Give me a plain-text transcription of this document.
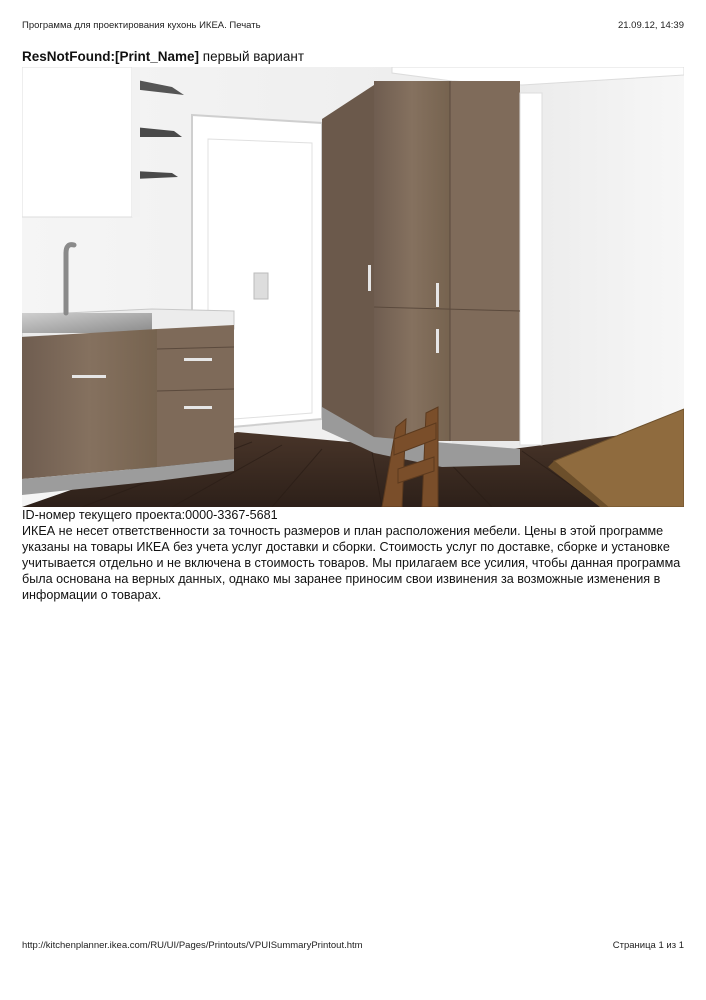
Программа для проектирования кухонь ИКЕА. Печать	21.09.12, 14:39
ResNotFound:[Print_Name] первый вариант
ID-номер текущего проекта:0000-3367-5681

ИКЕА не несет ответственности за точность размеров и план расположения мебели. Цены в этой программе указаны на товары ИКЕА без учета услуг доставки и сборки. Стоимость услуг по доставке, сборке и установке учитывается отдельно и не включена в стоимость товаров. Мы прилагаем все усилия, чтобы данная программа была основана на верных данных, однако мы заранее приносим свои извинения за возможные изменения в информации о товарах.

http://kitchenplanner.ikea.com/RU/UI/Pages/Printouts/VPUISummaryPrintout.htm	Страница 1 из 1
